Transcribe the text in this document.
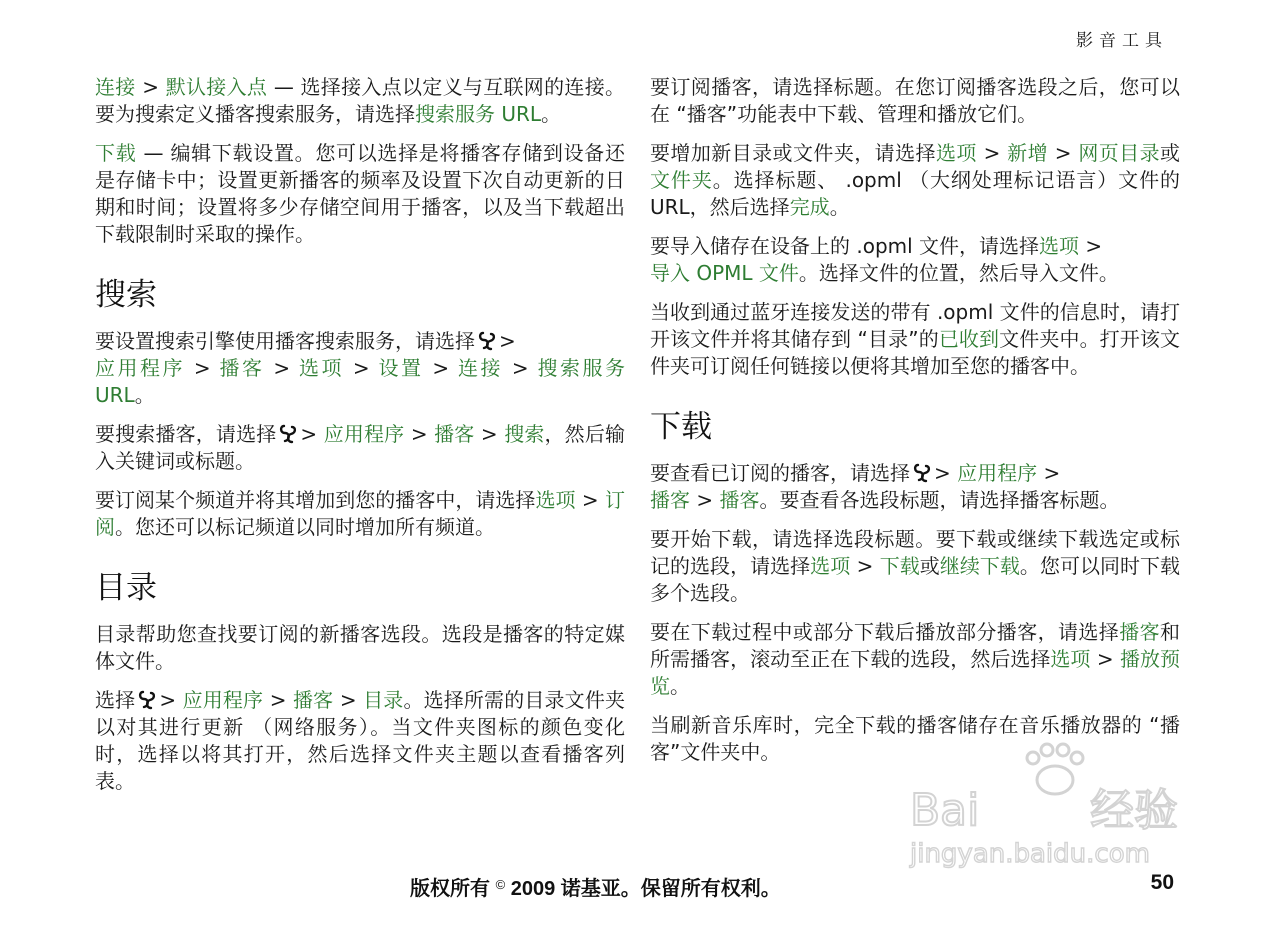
影音工具

连接 > 默认接入点 — 选择接入点以定义与互联网的连接。要为搜索定义播客搜索服务，请选择搜索服务 URL。

下载 — 编辑下载设置。您可以选择是将播客存储到设备还是存储卡中；设置更新播客的频率及设置下次自动更新的日期和时间；设置将多少存储空间用于播客，以及当下载超出下载限制时采取的操作。

搜索

要设置搜索引擎使用播客搜索服务，请选择 >
应用程序 > 播客 > 选项 > 设置 > 连接 > 搜索服务 URL。

要搜索播客，请选择 > 应用程序 > 播客 > 搜索，然后输入关键词或标题。

要订阅某个频道并将其增加到您的播客中，请选择选项 > 订阅。您还可以标记频道以同时增加所有频道。

目录

目录帮助您查找要订阅的新播客选段。选段是播客的特定媒体文件。

选择 > 应用程序 > 播客 > 目录。选择所需的目录文件夹以对其进行更新 （网络服务）。当文件夹图标的颜色变化时，选择以将其打开，然后选择文件夹主题以查看播客列表。

要订阅播客，请选择标题。在您订阅播客选段之后，您可以在 “播客”功能表中下载、管理和播放它们。

要增加新目录或文件夹，请选择选项 > 新增 > 网页目录或文件夹。选择标题、 .opml （大纲处理标记语言）文件的 URL，然后选择完成。

要导入储存在设备上的 .opml 文件，请选择选项 >
导入 OPML 文件。选择文件的位置，然后导入文件。

当收到通过蓝牙连接发送的带有 .opml 文件的信息时，请打开该文件并将其储存到 “目录”的已收到文件夹中。打开该文件夹可订阅任何链接以便将其增加至您的播客中。

下载

要查看已订阅的播客，请选择 > 应用程序 >
播客 > 播客。要查看各选段标题，请选择播客标题。

要开始下载，请选择选段标题。要下载或继续下载选定或标记的选段，请选择选项 > 下载或继续下载。您可以同时下载多个选段。

要在下载过程中或部分下载后播放部分播客，请选择播客和所需播客，滚动至正在下载的选段，然后选择选项 > 播放预览。

当刷新音乐库时，完全下载的播客储存在音乐播放器的 “播客”文件夹中。

Bai	经验
jingyan.baidu.com
版权所有 © 2009 诺基亚。保留所有权利。	50
